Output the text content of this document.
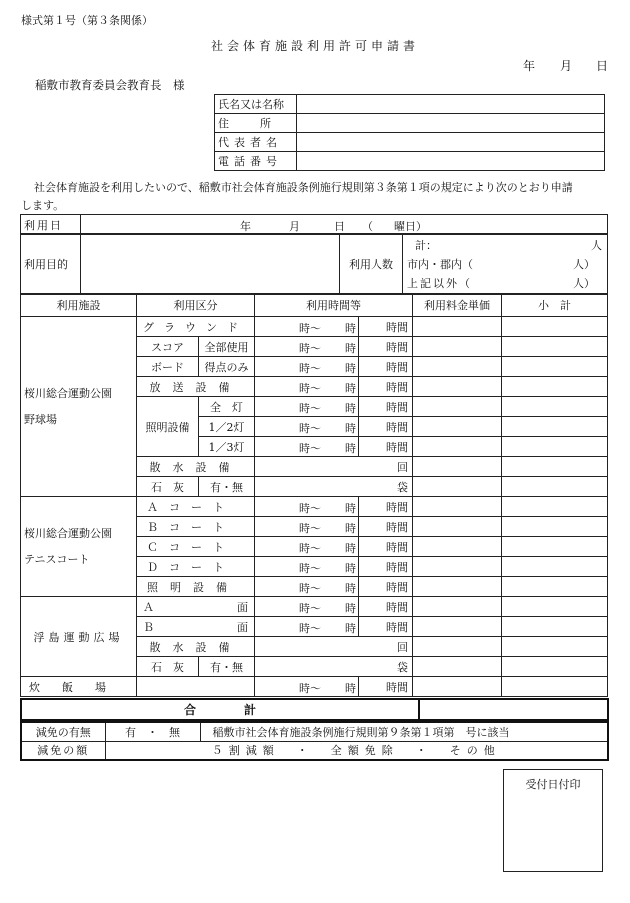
様式第１号（第３条関係）
社会体育施設利用許可申請書
年 月 日
稲敷市教育委員会教育長　様
氏名又は名称	
住　　所	
代表者名	
電話番号	
社会体育施設を利用したいので、稲敷市社会体育施設条例施行規則第３条第１項の規定により次のとおり申請
します。
利用日	年	月	日 （ 曜日）
利用目的		利用人数	
計：	人
市内・郡内（	人）
上記以外（	人）
利用施設	利用区分		利用時間等		利用料金単価	小　計
桜川総合運動公園
野球場	グラウンド		時～ 時	時間		
	スコア	全部使用	時～ 時	時間		
	ボード	得点のみ	時～ 時	時間		
	放送設備		時～ 時	時間		
	照明設備	全　灯	時～ 時	時間		
		1／2灯	時～ 時	時間		
		1／3灯	時～ 時	時間		
	散水設備		回			
	石　灰	有・無	袋			
桜川総合運動公園
テニスコート	Ａ　コ　ー　ト		時～ 時	時間		
	Ｂ　コ　ー　ト		時～ 時	時間		
	Ｃ　コ　ー　ト		時～ 時	時間		
	Ｄ　コ　ー　ト		時～ 時	時間		
	照明設備		時～ 時	時間		
浮島運動広場	Ａ 面		時～ 時	時間		

	Ｂ 面		時～ 時	時間		
	散水設備		回			
	石　灰	有・無	袋			
炊飯場			時～ 時	時間		
合　　　　計	
減免の有無	有　・　無	稲敷市社会体育施設条例施行規則第９条第１項第　号に該当
減免の額	５割減額　・　全額免除　・　その他	
受付日付印
